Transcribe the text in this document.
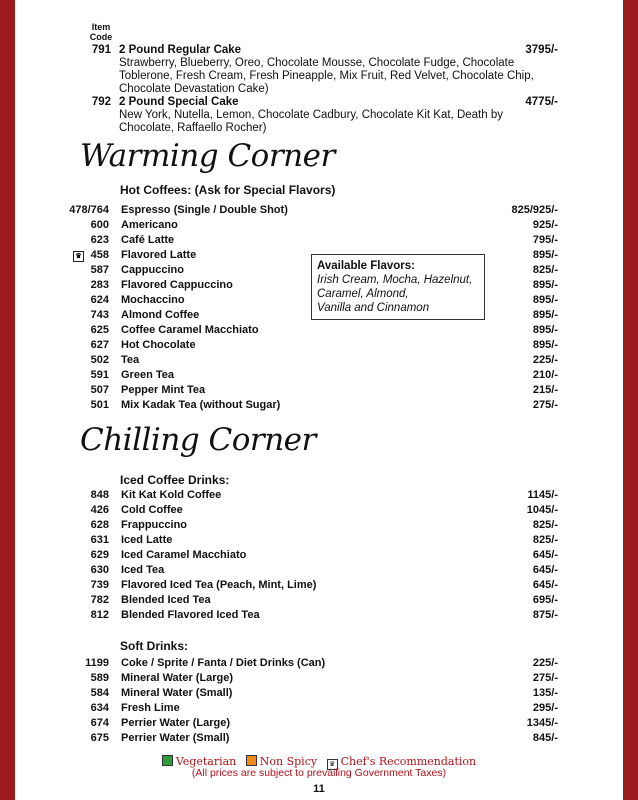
Item Code
791 2 Pound Regular Cake	3795/-
Strawberry, Blueberry, Oreo, Chocolate Mousse, Chocolate Fudge, Chocolate Toblerone, Fresh Cream, Fresh Pineapple, Mix Fruit, Red Velvet, Chocolate Chip, Chocolate Devastation Cake)
792 2 Pound Special Cake	4775/-
New York, Nutella, Lemon, Chocolate Cadbury, Chocolate Kit Kat, Death by Chocolate, Raffaello Rocher)
Warming Corner
Hot Coffees: (Ask for Special Flavors)
478/764 Espresso (Single / Double Shot)	825/925/-
600 Americano	925/-
623 Café Latte	795/-
♛ 458 Flavored Latte	895/-
587 Cappuccino	825/-
283 Flavored Cappuccino	895/-
624 Mochaccino	895/-
743 Almond Coffee	895/-
625 Coffee Caramel Macchiato	895/-
627 Hot Chocolate	895/-
502 Tea	225/-
591 Green Tea	210/-
507 Pepper Mint Tea	215/-
501 Mix Kadak Tea (without Sugar)	275/-
Available Flavors:
Irish Cream, Mocha, Hazelnut,
Caramel, Almond,
Vanilla and Cinnamon
Chilling Corner
Iced Coffee Drinks:
848 Kit Kat Kold Coffee	1145/-
426 Cold Coffee	1045/-
628 Frappuccino	825/-
631 Iced Latte	825/-
629 Iced Caramel Macchiato	645/-
630 Iced Tea	645/-
739 Flavored Iced Tea (Peach, Mint, Lime)	645/-
782 Blended Iced Tea	695/-
812 Blended Flavored Iced Tea	875/-
Soft Drinks:
1199 Coke / Sprite / Fanta / Diet Drinks (Can)	225/-
589 Mineral Water (Large)	275/-
584 Mineral Water (Small)	135/-
634 Fresh Lime	295/-
674 Perrier Water (Large)	1345/-
675 Perrier Water (Small)	845/-
Vegetarian Non Spicy ♛ Chef's Recommendation
(All prices are subject to prevailing Government Taxes)
11
